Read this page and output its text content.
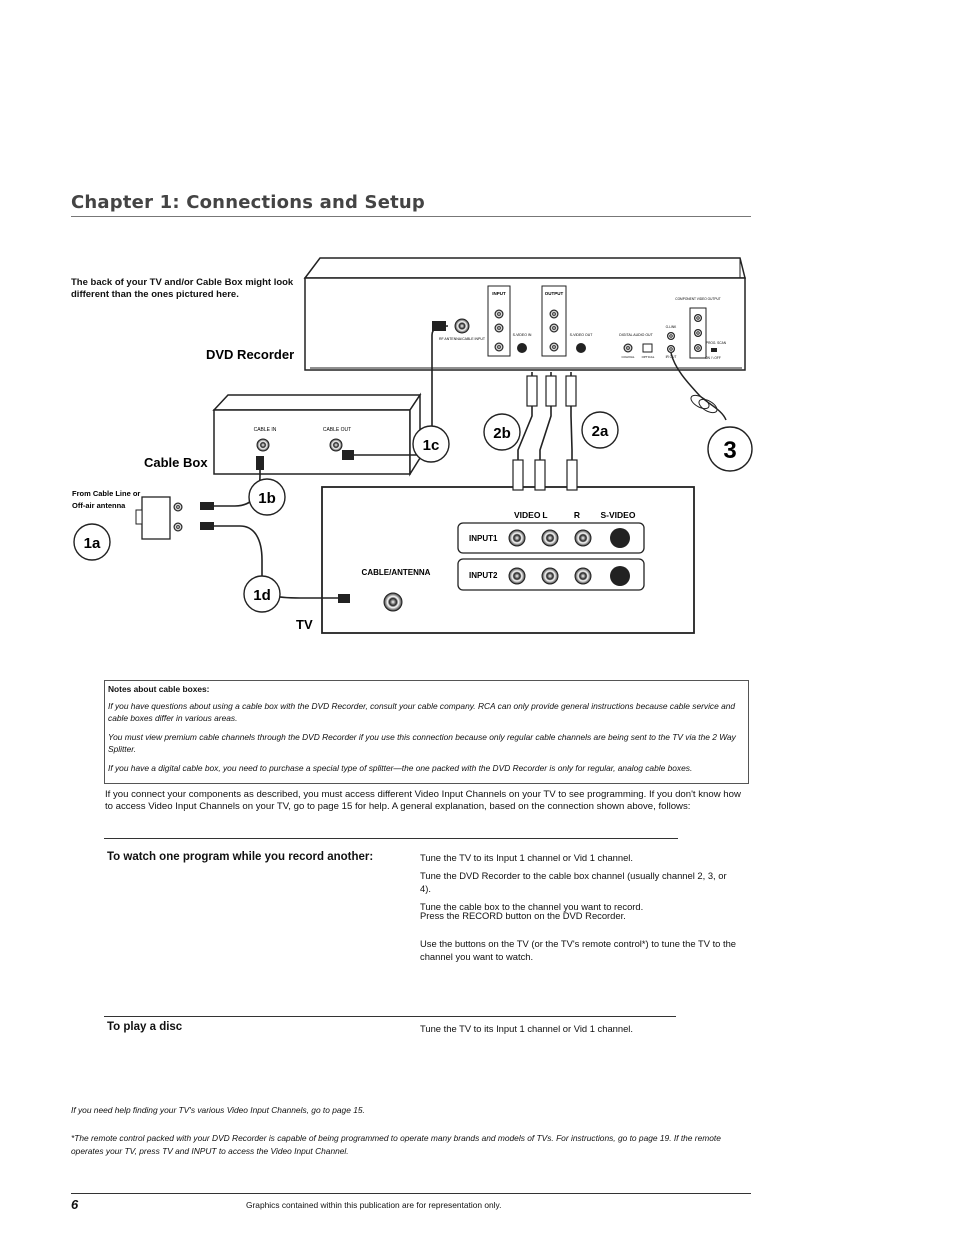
Chapter 1: Connections and Setup
RF ANTENNA/CABLE INPUT
INPUT
S-VIDEO IN
OUTPUT
S-VIDEO OUT	DIGITAL AUDIO OUT
COAXIAL OPTICAL
G-LINK
IR OUT
COMPONENT VIDEO OUTPUT
PROG. SCAN
ON / \ OFF
CABLE IN	CABLE OUT
VIDEO L	R S-VIDEO
INPUT1
INPUT2
CABLE/ANTENNA
1a
1b
1c
1d
2b	2a
3
DVD Recorder
Cable Box
TV
From Cable Line or
Off-air antenna
The back of your TV and/or Cable Box might look different than the ones pictured here.
Notes about cable boxes:

If you have questions about using a cable box with the DVD Recorder, consult your cable company. RCA can only provide general instructions because cable service and cable boxes differ in various areas.

You must view premium cable channels through the DVD Recorder if you use this connection because only regular cable channels are being sent to the TV via the 2 Way Splitter.

If you have a digital cable box, you need to purchase a special type of splitter—the one packed with the DVD Recorder is only for regular, analog cable boxes.

If you connect your components as described, you must access different Video Input Channels on your TV to see programming. If you don't know how to access Video Input Channels on your TV, go to page 15 for help. A general explanation, based on the connection shown above, follows:
To watch one program while you record another:	Tune the TV to its Input 1 channel or Vid 1 channel.
Tune the DVD Recorder to the cable box channel (usually channel 2, 3, or 4).
Tune the cable box to the channel you want to record.
Press the RECORD button on the DVD Recorder.
Use the buttons on the TV (or the TV's remote control*) to tune the TV to the channel you want to watch.
To play a disc	Tune the TV to its Input 1 channel or Vid 1 channel.
If you need help finding your TV's various Video Input Channels, go to page 15.
*The remote control packed with your DVD Recorder is capable of being programmed to operate many brands and models of TVs. For instructions, go to page 19. If the remote operates your TV, press TV and INPUT to access the Video Input Channel.
6	Graphics contained within this publication are for representation only.
